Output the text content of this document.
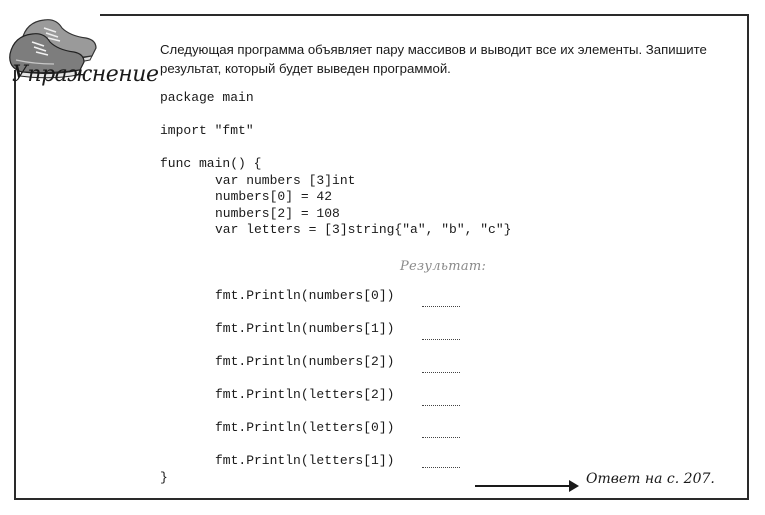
Упражнение
Следующая программа объявляет пару массивов и выводит все их элементы. Запишите результат, который будет выведен программой.
package main
import "fmt"
func main() {
var numbers [3]int
numbers[0] = 42
numbers[2] = 108
var letters = [3]string{"a", "b", "c"}
Результат:
fmt.Println(numbers[0])
fmt.Println(numbers[1])
fmt.Println(numbers[2])
fmt.Println(letters[2])
fmt.Println(letters[0])
fmt.Println(letters[1])
}	Ответ на с. 207.
